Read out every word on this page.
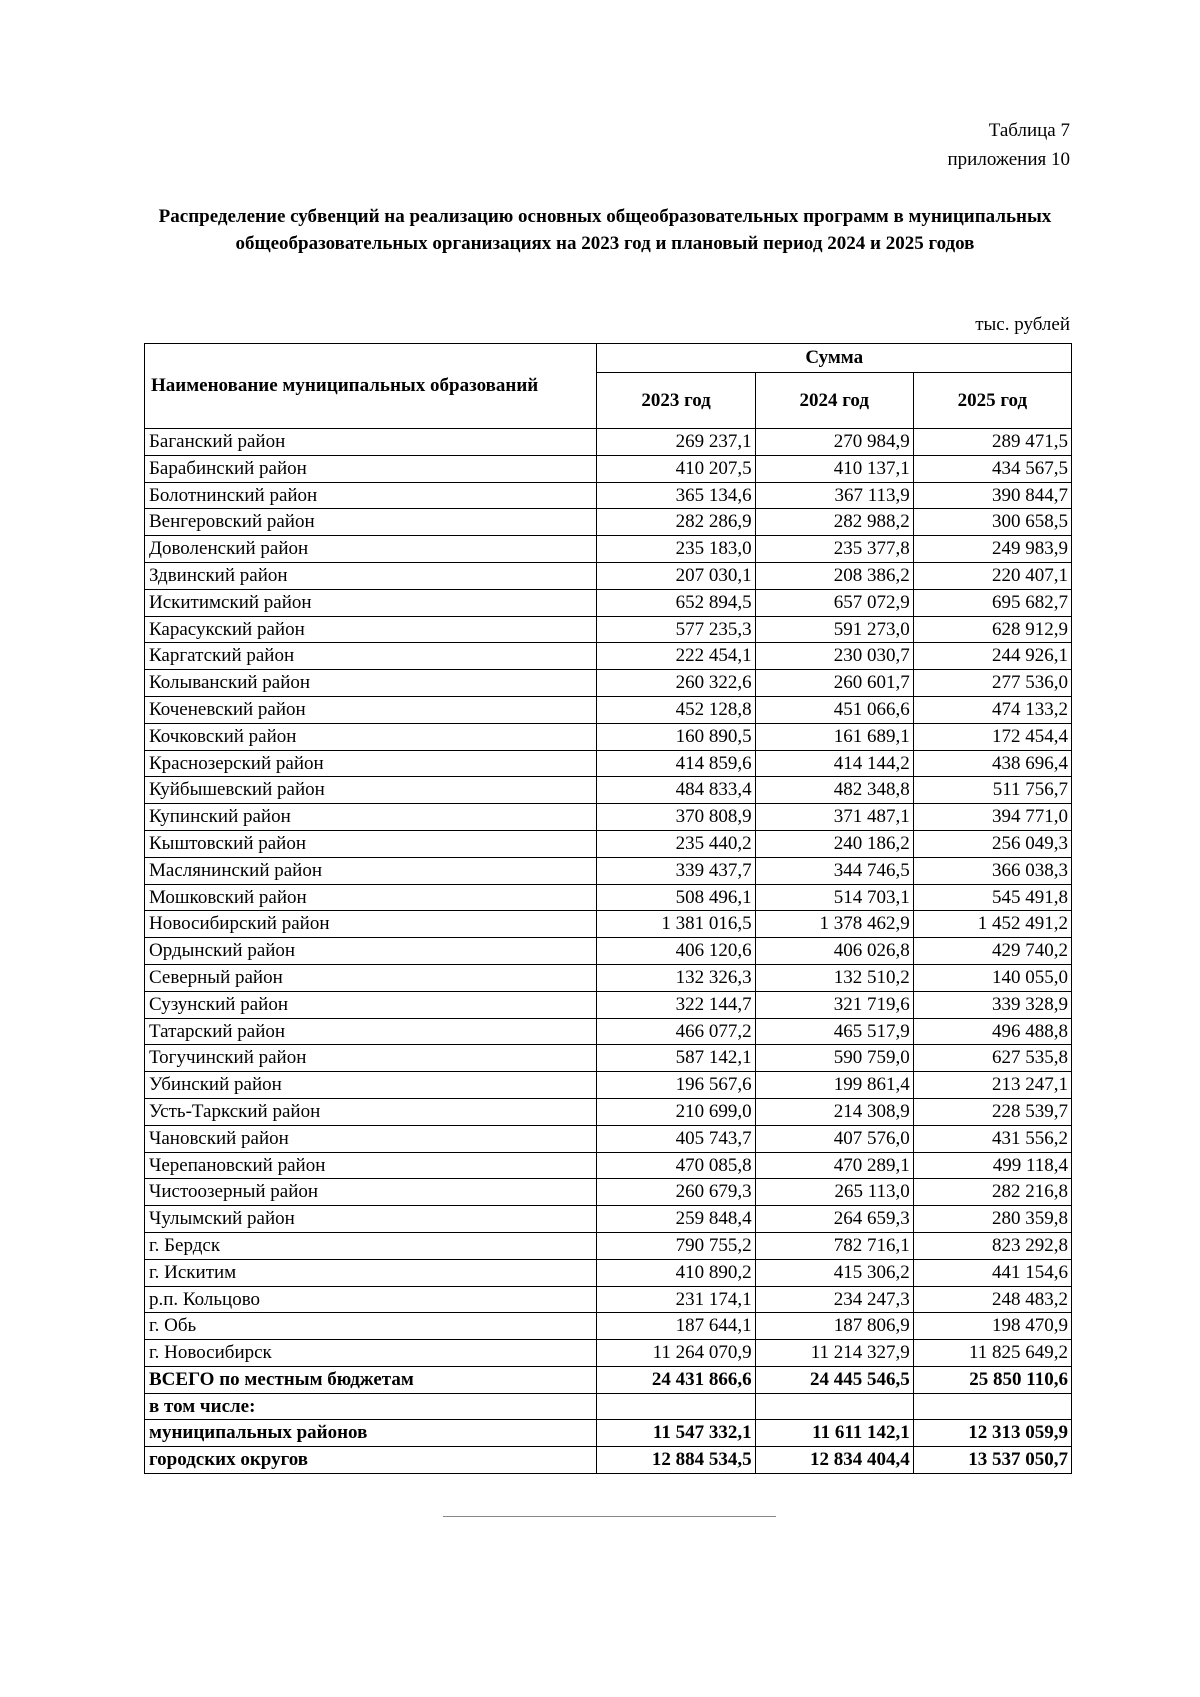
Таблица 7
приложения 10
Распределение субвенций на реализацию основных общеобразовательных программ в муниципальных общеобразовательных организациях на 2023 год и плановый период 2024 и 2025 годов
тыс. рублей
Наименование муниципальных образований	Сумма		
	2023 год	2024 год	2025 год
Баганский район	269 237,1	270 984,9	289 471,5
Барабинский район	410 207,5	410 137,1	434 567,5
Болотнинский район	365 134,6	367 113,9	390 844,7
Венгеровский район	282 286,9	282 988,2	300 658,5
Доволенский район	235 183,0	235 377,8	249 983,9
Здвинский район	207 030,1	208 386,2	220 407,1
Искитимский район	652 894,5	657 072,9	695 682,7
Карасукский район	577 235,3	591 273,0	628 912,9
Каргатский район	222 454,1	230 030,7	244 926,1
Колыванский район	260 322,6	260 601,7	277 536,0
Коченевский район	452 128,8	451 066,6	474 133,2
Кочковский район	160 890,5	161 689,1	172 454,4
Краснозерский район	414 859,6	414 144,2	438 696,4
Куйбышевский район	484 833,4	482 348,8	511 756,7
Купинский район	370 808,9	371 487,1	394 771,0
Кыштовский район	235 440,2	240 186,2	256 049,3
Маслянинский район	339 437,7	344 746,5	366 038,3
Мошковский район	508 496,1	514 703,1	545 491,8
Новосибирский район	1 381 016,5	1 378 462,9	1 452 491,2
Ордынский район	406 120,6	406 026,8	429 740,2
Северный район	132 326,3	132 510,2	140 055,0
Сузунский район	322 144,7	321 719,6	339 328,9
Татарский район	466 077,2	465 517,9	496 488,8
Тогучинский район	587 142,1	590 759,0	627 535,8
Убинский район	196 567,6	199 861,4	213 247,1
Усть-Таркский район	210 699,0	214 308,9	228 539,7
Чановский район	405 743,7	407 576,0	431 556,2
Черепановский район	470 085,8	470 289,1	499 118,4
Чистоозерный район	260 679,3	265 113,0	282 216,8
Чулымский район	259 848,4	264 659,3	280 359,8
г. Бердск	790 755,2	782 716,1	823 292,8
г. Искитим	410 890,2	415 306,2	441 154,6
р.п. Кольцово	231 174,1	234 247,3	248 483,2
г. Обь	187 644,1	187 806,9	198 470,9
г. Новосибирск	11 264 070,9	11 214 327,9	11 825 649,2
ВСЕГО по местным бюджетам	24 431 866,6	24 445 546,5	25 850 110,6
в том числе:			
муниципальных районов	11 547 332,1	11 611 142,1	12 313 059,9
городских округов	12 884 534,5	12 834 404,4	13 537 050,7
